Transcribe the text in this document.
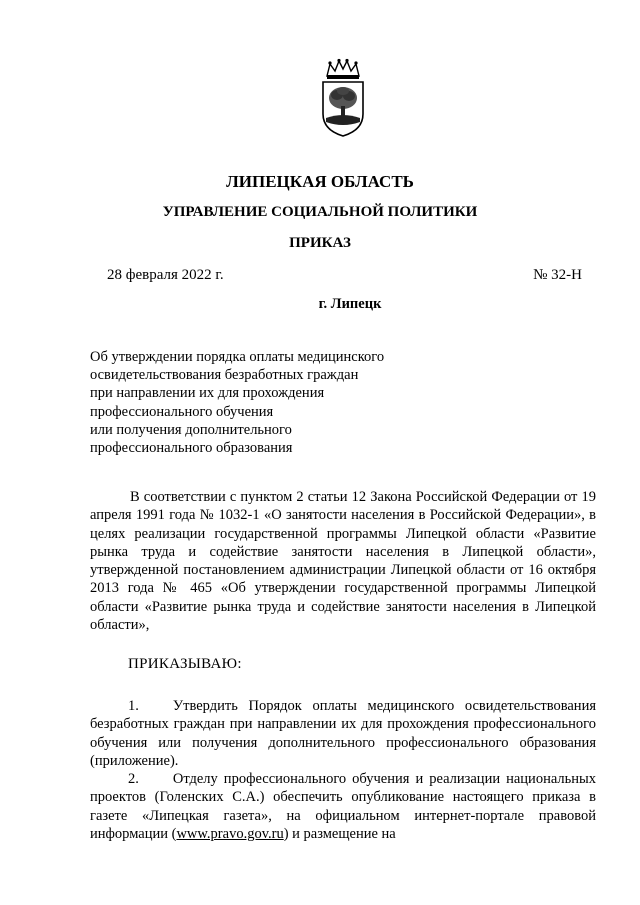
ЛИПЕЦКАЯ ОБЛАСТЬ
УПРАВЛЕНИЕ СОЦИАЛЬНОЙ ПОЛИТИКИ
ПРИКАЗ
28 февраля 2022 г.	№ 32-Н
г. Липецк
Об утверждении порядка оплаты медицинского
освидетельствования безработных граждан
при направлении их для прохождения
профессионального обучения
или получения дополнительного
профессионального образования
В соответствии с пунктом 2 статьи 12 Закона Российской Федерации от 19 апреля 1991 года № 1032-1 «О занятости населения в Российской Федерации», в целях реализации государственной программы Липецкой области «Развитие рынка труда и содействие занятости населения в Липецкой области», утвержденной постановлением администрации Липецкой области от 16 октября 2013 года № 465 «Об утверждении государственной программы Липецкой области «Развитие рынка труда и содействие занятости населения в Липецкой области»,
ПРИКАЗЫВАЮ:
1. Утвердить Порядок оплаты медицинского освидетельствования безработных граждан при направлении их для прохождения профессионального обучения или получения дополнительного профессионального образования (приложение).
2. Отделу профессионального обучения и реализации национальных проектов (Голенских С.А.) обеспечить опубликование настоящего приказа в газете «Липецкая газета», на официальном интернет-портале правовой информации (www.pravo.gov.ru) и размещение на
